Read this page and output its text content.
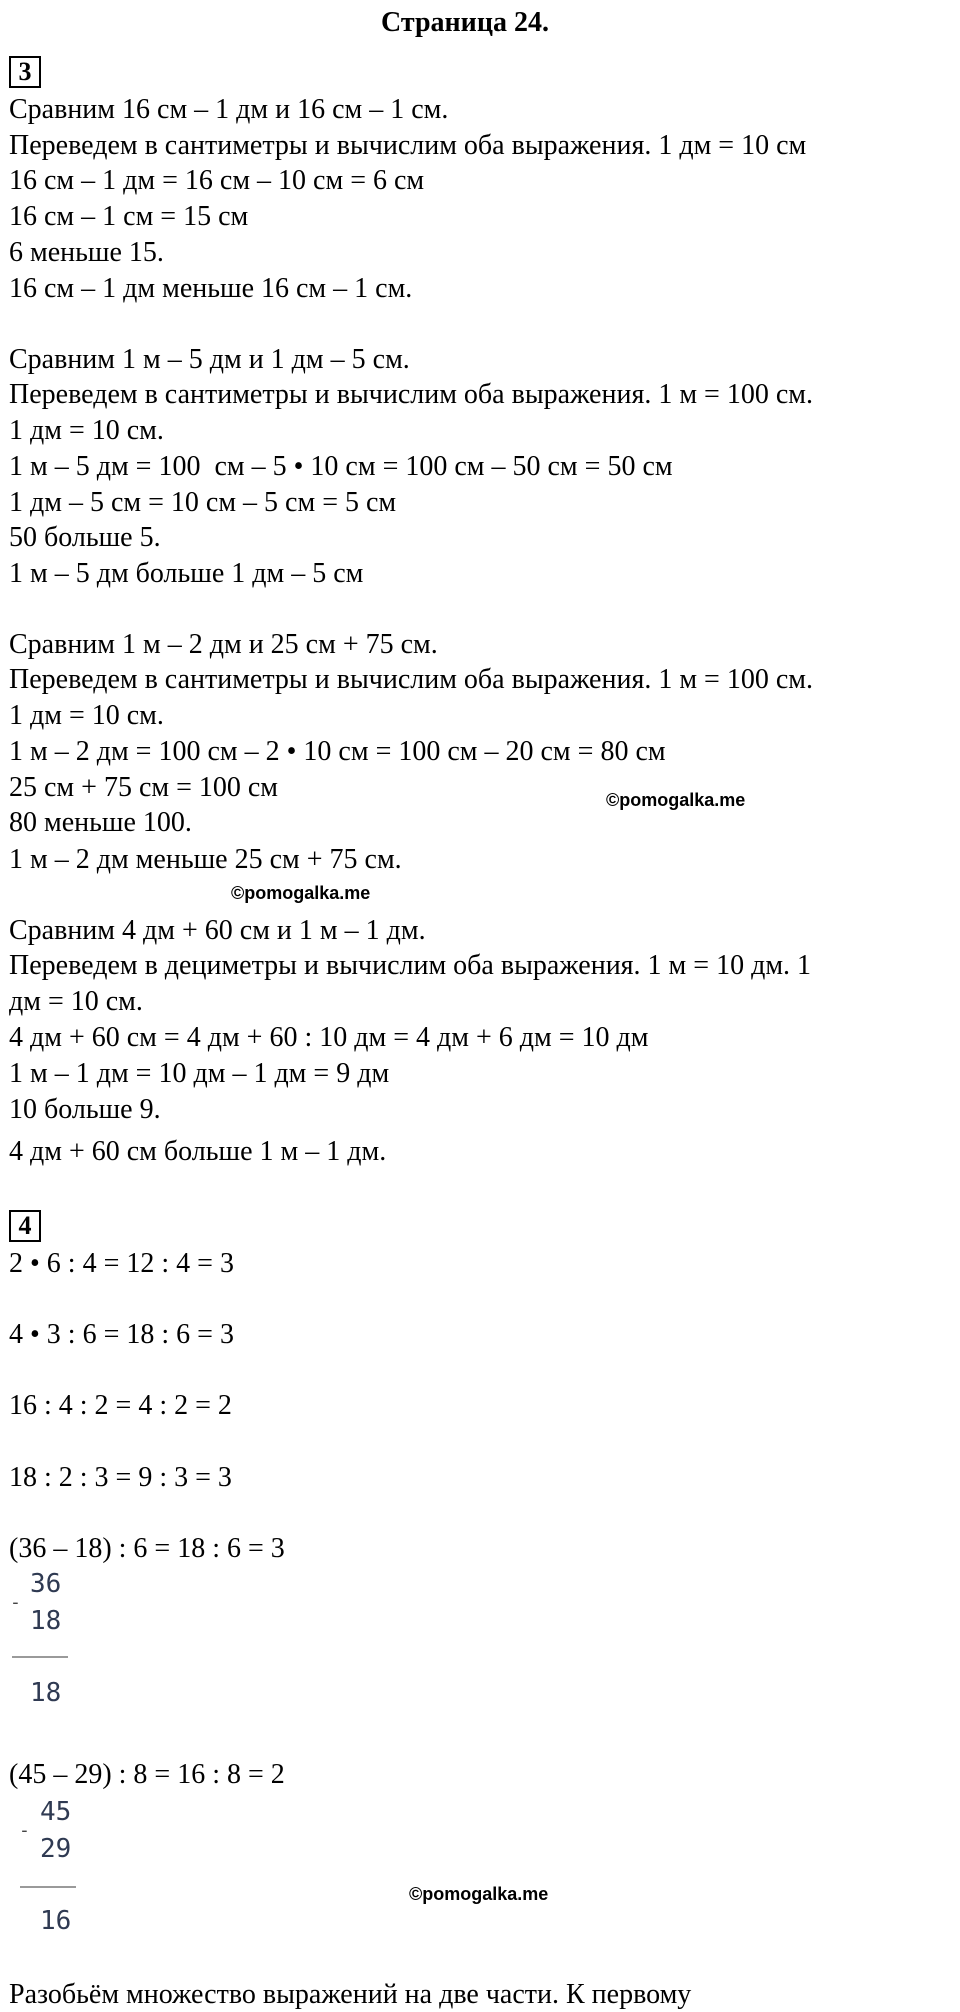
Страница 24.
3
Сравним 16 см – 1 дм и 16 см – 1 см.
Переведем в сантиметры и вычислим оба выражения. 1 дм = 10 см
16 см – 1 дм = 16 см – 10 см = 6 см
16 см – 1 см = 15 см
6 меньше 15.
16 см – 1 дм меньше 16 см – 1 см.
Сравним 1 м – 5 дм и 1 дм – 5 см.
Переведем в сантиметры и вычислим оба выражения. 1 м = 100 см.
1 дм = 10 см.
1 м – 5 дм = 100  см – 5 • 10 см = 100 см – 50 см = 50 см
1 дм – 5 см = 10 см – 5 см = 5 см
50 больше 5.
1 м – 5 дм больше 1 дм – 5 см
Сравним 1 м – 2 дм и 25 см + 75 см.
Переведем в сантиметры и вычислим оба выражения. 1 м = 100 см.
1 дм = 10 см.
1 м – 2 дм = 100 см – 2 • 10 см = 100 см – 20 см = 80 см
25 см + 75 см = 100 см	©pomogalka.me
80 меньше 100.
1 м – 2 дм меньше 25 см + 75 см.
©pomogalka.me
Сравним 4 дм + 60 см и 1 м – 1 дм.
Переведем в дециметры и вычислим оба выражения. 1 м = 10 дм. 1
дм = 10 см.
4 дм + 60 см = 4 дм + 60 : 10 дм = 4 дм + 6 дм = 10 дм
1 м – 1 дм = 10 дм – 1 дм = 9 дм
10 больше 9.
4 дм + 60 см больше 1 м – 1 дм.
4
2 • 6 : 4 = 12 : 4 = 3
4 • 3 : 6 = 18 : 6 = 3
16 : 4 : 2 = 4 : 2 = 2
18 : 2 : 3 = 9 : 3 = 3
(36 – 18) : 6 = 18 : 6 = 3
-
36
18
18
(45 – 29) : 8 = 16 : 8 = 2
-
45
29
©pomogalka.me
16
Разобьём множество выражений на две части. К первому
